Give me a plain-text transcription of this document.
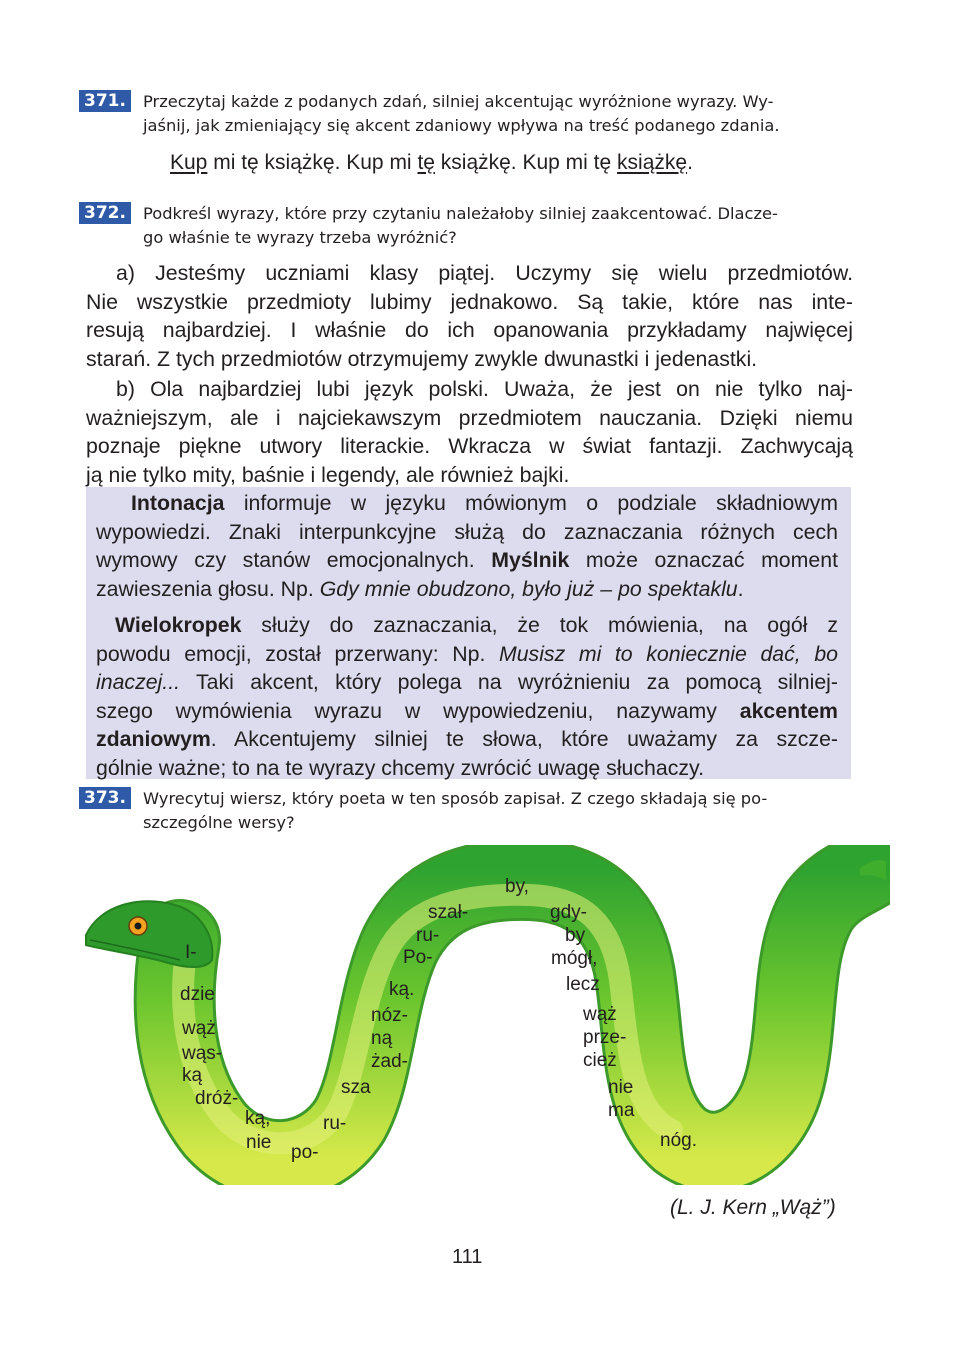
371.	Przeczytaj każde z podanych zdań, silniej akcentując wyróżnione wyrazy. Wy-
jaśnij, jak zmieniający się akcent zdaniowy wpływa na treść podanego zdania.
Kup mi tę książkę. Kup mi tę książkę. Kup mi tę książkę.
372.	Podkreśl wyrazy, które przy czytaniu należałoby silniej zaakcentować. Dlacze-
go właśnie te wyrazy trzeba wyróżnić?
a) Jesteśmy uczniami klasy piątej. Uczymy się wielu przedmiotów.
Nie wszystkie przedmioty lubimy jednakowo. Są takie, które nas inte-
resują najbardziej. I właśnie do ich opanowania przykładamy najwięcej
starań. Z tych przedmiotów otrzymujemy zwykle dwunastki i jedenastki.
b) Ola najbardziej lubi język polski. Uważa, że jest on nie tylko naj-
ważniejszym, ale i najciekawszym przedmiotem nauczania. Dzięki niemu
poznaje piękne utwory literackie. Wkracza w świat fantazji. Zachwycają
ją nie tylko mity, baśnie i legendy, ale również bajki.
Intonacja informuje w języku mówionym o podziale składniowym
wypowiedzi. Znaki interpunkcyjne służą do zaznaczania różnych cech
wymowy czy stanów emocjonalnych. Myślnik może oznaczać moment
zawieszenia głosu. Np. Gdy mnie obudzono, było już – po spektaklu.
Wielokropek służy do zaznaczania, że tok mówienia, na ogół z
powodu emocji, został przerwany: Np. Musisz mi to koniecznie dać, bo
inaczej... Taki akcent, który polega na wyróżnieniu za pomocą silniej-
szego wymówienia wyrazu w wypowiedzeniu, nazywamy akcentem
zdaniowym. Akcentujemy silniej te słowa, które uważamy za szcze-
gólnie ważne; to na te wyrazy chcemy zwrócić uwagę słuchaczy.
373.	Wyrecytuj wiersz, który poeta w ten sposób zapisał. Z czego składają się po-
szczególne wersy?
I-
dzie
wąż
wąs-
ką
dróż-
ką,
nie po-
ru-
sza
żad-
ną
nóz-
ką.
Po-
ru-
szał-
by,
gdy-
by
mógł,
lecz
wąż
prze-
cież
nie
ma
nóg.
(L. J. Kern „Wąż”)
111
